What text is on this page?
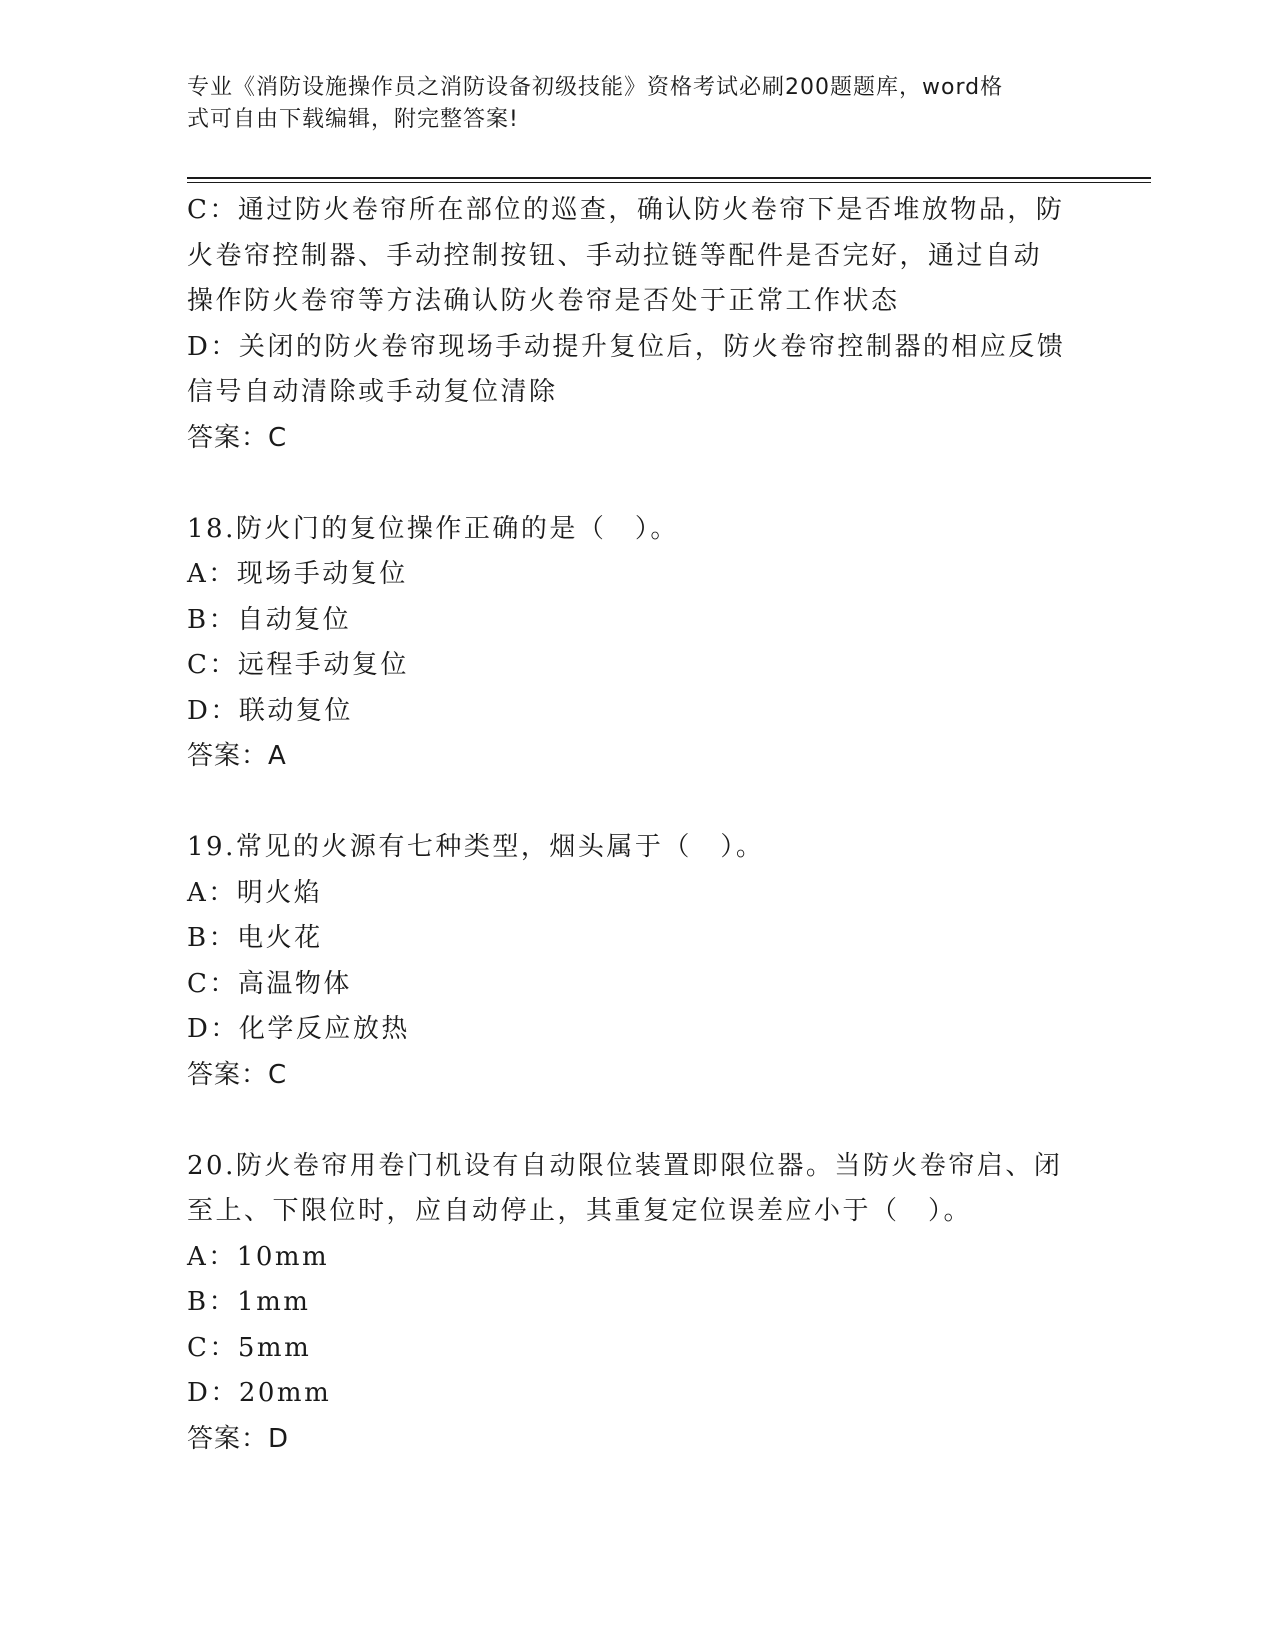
专业《消防设施操作员之消防设备初级技能》资格考试必刷200题题库，word格
式可自由下载编辑，附完整答案!
C：通过防火卷帘所在部位的巡查，确认防火卷帘下是否堆放物品，防
火卷帘控制器、手动控制按钮、手动拉链等配件是否完好，通过自动
操作防火卷帘等方法确认防火卷帘是否处于正常工作状态
D：关闭的防火卷帘现场手动提升复位后，防火卷帘控制器的相应反馈
信号自动清除或手动复位清除
答案：C
18.防火门的复位操作正确的是（　）。
A：现场手动复位
B：自动复位
C：远程手动复位
D：联动复位
答案：A
19.常见的火源有七种类型，烟头属于（　）。
A：明火焰
B：电火花
C：高温物体
D：化学反应放热
答案：C
20.防火卷帘用卷门机设有自动限位装置即限位器。当防火卷帘启、闭
至上、下限位时，应自动停止，其重复定位误差应小于（　）。
A：10mm
B：1mm
C：5mm
D：20mm
答案：D
